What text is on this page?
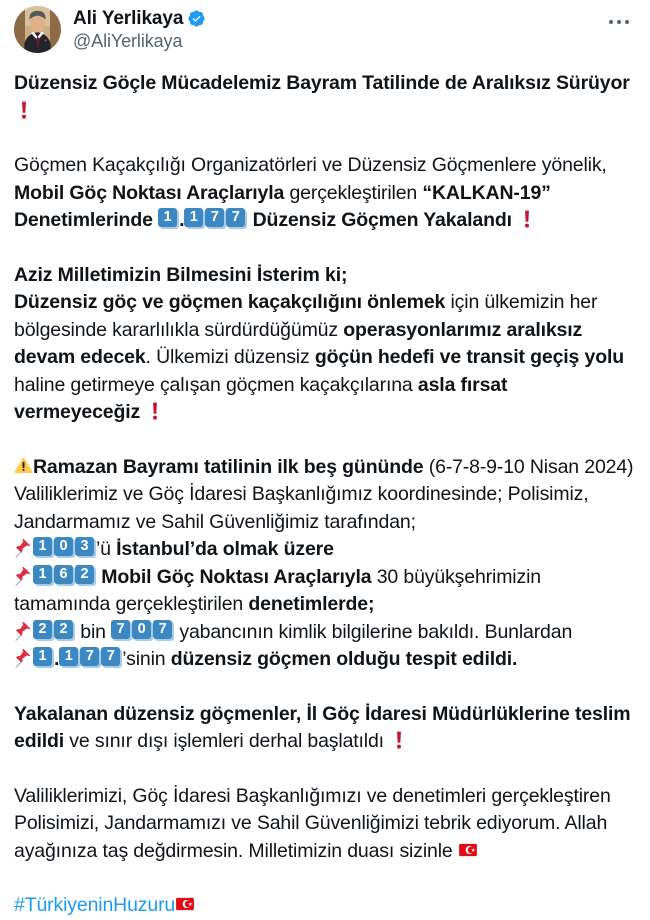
Ali Yerlikaya
@AliYerlikaya

Düzensiz Göçle Mücadelemiz Bayram Tatilinde de Aralıksız Sürüyor

Göçmen Kaçakçılığı Organizatörleri ve Düzensiz Göçmenlere yönelik, Mobil Göç Noktası Araçlarıyla gerçekleştirilen “KALKAN-19” Denetimlerinde 1 . 1 7 7 Düzensiz Göçmen Yakalandı

Aziz Milletimizin Bilmesini İsterim ki;
Düzensiz göç ve göçmen kaçakçılığını önlemek için ülkemizin her bölgesinde kararlılıkla sürdürdüğümüz operasyonlarımız aralıksız devam edecek. Ülkemizi düzensiz göçün hedefi ve transit geçiş yolu haline getirmeye çalışan göçmen kaçakçılarına asla fırsat vermeyeceğiz

Ramazan Bayramı tatilinin ilk beş gününde (6-7-8-9-10 Nisan 2024) Valiliklerimiz ve Göç İdaresi Başkanlığımız koordinesinde; Polisimiz, Jandarmamız ve Sahil Güvenliğimiz tarafından;

1 0 3 ’ü İstanbul’da olmak üzere

1 6 2 Mobil Göç Noktası Araçlarıyla 30 büyükşehrimizin tamamında gerçekleştirilen denetimlerde;

2 2 bin 7 0 7 yabancının kimlik bilgilerine bakıldı. Bunlardan

1 . 1 7 7 ’sinin düzensiz göçmen olduğu tespit edildi.

Yakalanan düzensiz göçmenler, İl Göç İdaresi Müdürlüklerine teslim edildi ve sınır dışı işlemleri derhal başlatıldı

Valiliklerimizi, Göç İdaresi Başkanlığımızı ve denetimleri gerçekleştiren Polisimizi, Jandarmamızı ve Sahil Güvenliğimizi tebrik ediyorum. Allah ayağınıza taş değdirmesin. Milletimizin duası sizinle

#TürkiyeninHuzuru
